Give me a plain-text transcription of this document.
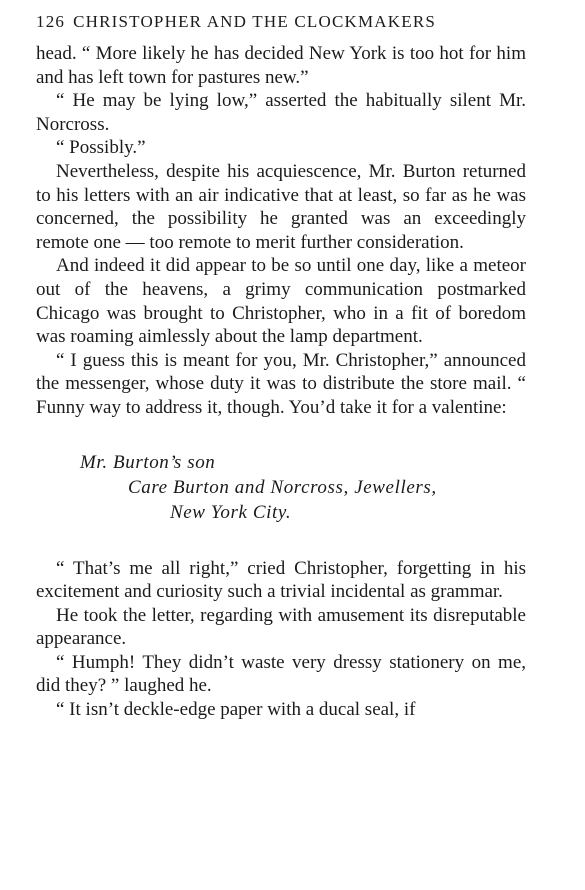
126 CHRISTOPHER AND THE CLOCKMAKERS

head. “ More likely he has decided New York is too hot for him and has left town for pastures new.”

“ He may be lying low,” asserted the habitually silent Mr. Norcross.

“ Possibly.”

Nevertheless, despite his acquiescence, Mr. Burton returned to his letters with an air indicative that at least, so far as he was concerned, the possibility he granted was an exceedingly remote one — too remote to merit further consideration.

And indeed it did appear to be so until one day, like a meteor out of the heavens, a grimy communication postmarked Chicago was brought to Christopher, who in a fit of boredom was roaming aimlessly about the lamp department.

“ I guess this is meant for you, Mr. Christopher,” announced the messenger, whose duty it was to distribute the store mail. “ Funny way to address it, though. You’d take it for a valentine:

Mr. Burton’s son
Care Burton and Norcross, Jewellers,
New York City.

“ That’s me all right,” cried Christopher, forgetting in his excitement and curiosity such a trivial incidental as grammar.

He took the letter, regarding with amusement its disreputable appearance.

“ Humph! They didn’t waste very dressy stationery on me, did they? ” laughed he.

“ It isn’t deckle-edge paper with a ducal seal, if
